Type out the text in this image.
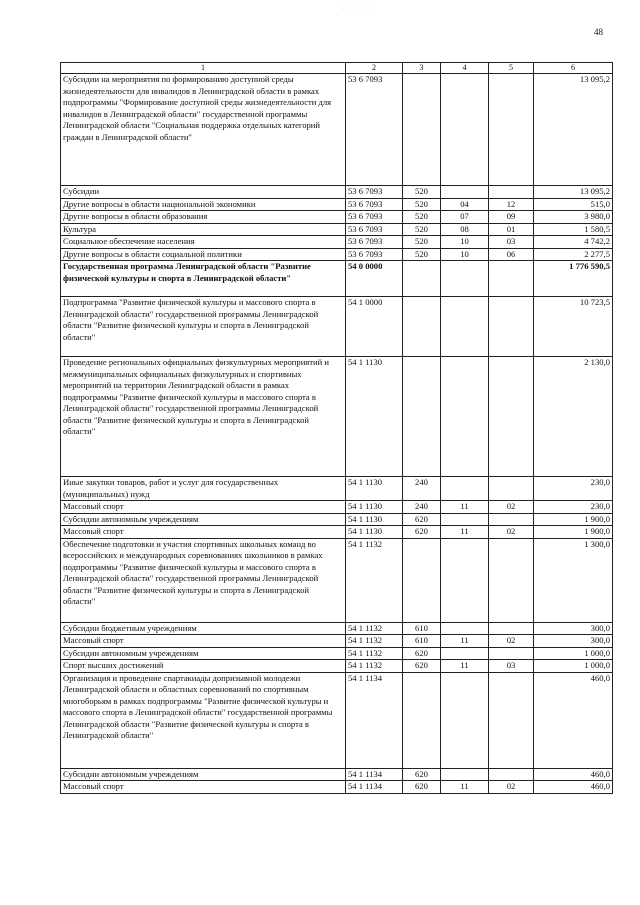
· · · · ·
48
1	2	3	4	5	6
Субсидии на мероприятия по формированию доступной среды жизнедеятельности для инвалидов в Ленинградской области в рамках подпрограммы "Формирование доступной среды жизнедеятельности для инвалидов в Ленинградской области" государственной программы Ленинградской области "Социальная поддержка отдельных категорий граждан в Ленинградской области"	53 6 7093				13 095,2
Субсидии	53 6 7093	520			13 095,2
Другие вопросы в области национальной экономики	53 6 7093	520	04	12	515,0
Другие вопросы в области образования	53 6 7093	520	07	09	3 980,0
Культура	53 6 7093	520	08	01	1 580,5
Социальное обеспечение населения	53 6 7093	520	10	03	4 742,2
Другие вопросы в области социальной политики	53 6 7093	520	10	06	2 277,5
Государственная программа Ленинградской области "Развитие физической культуры и спорта в Ленинградской области"	54 0 0000				1 776 590,5
Подпрограмма "Развитие физической культуры и массового спорта в Ленинградской области" государственной программы Ленинградской области "Развитие физической культуры и спорта в Ленинградской области"	54 1 0000				10 723,5
Проведение региональных официальных физкультурных мероприятий и межмуниципальных официальных физкультурных и спортивных мероприятий на территории Ленинградской области в рамках подпрограммы "Развитие физической культуры и массового спорта в Ленинградской области" государственной программы Ленинградской области "Развитие физической культуры и спорта в Ленинградской области"	54 1 1130				2 130,0
Иные закупки товаров, работ и услуг для государственных (муниципальных) нужд	54 1 1130	240			230,0
Массовый спорт	54 1 1130	240	11	02	230,0
Субсидии автономным учреждениям	54 1 1130	620			1 900,0
Массовый спорт	54 1 1130	620	11	02	1 900,0
Обеспечение подготовки и участия спортивных школьных команд во всероссийских и международных соревнованиях школьников в рамках подпрограммы "Развитие физической культуры и массового спорта в Ленинградской области" государственной программы Ленинградской области "Развитие физической культуры и спорта в Ленинградской области"	54 1 1132				1 300,0
Субсидии бюджетным учреждениям	54 1 1132	610			300,0
Массовый спорт	54 1 1132	610	11	02	300,0
Субсидии автономным учреждениям	54 1 1132	620			1 000,0
Спорт высших достижений	54 1 1132	620	11	03	1 000,0
Организация и проведение спартакиады допризывной молодежи Ленинградской области и областных соревнований по спортивным многоборьям в рамках подпрограммы "Развитие физической культуры и массового спорта в Ленинградской области" государственной программы Ленинградской области "Развитие физической культуры и спорта в Ленинградской области"	54 1 1134				460,0
Субсидии автономным учреждениям	54 1 1134	620			460,0
Массовый спорт	54 1 1134	620	11	02	460,0
